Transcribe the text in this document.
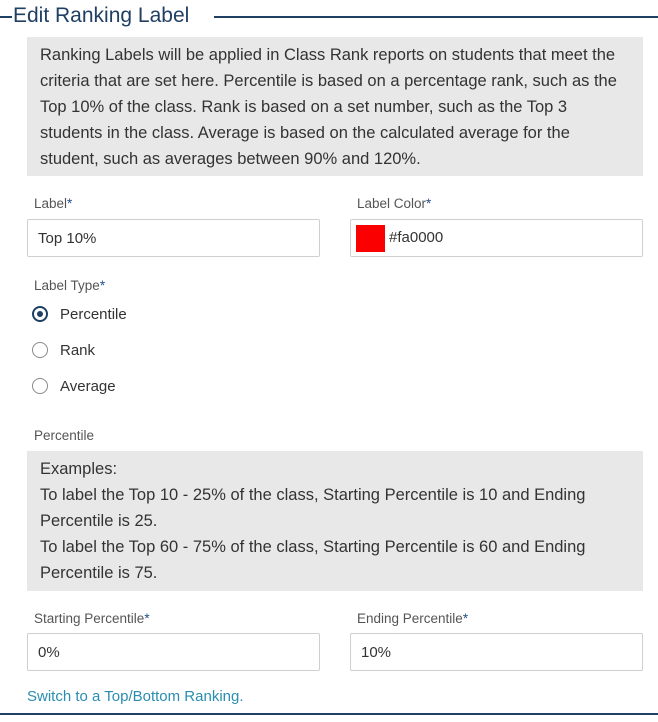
Edit Ranking Label
Ranking Labels will be applied in Class Rank reports on students that meet the criteria that are set here. Percentile is based on a percentage rank, such as the Top 10% of the class. Rank is based on a set number, such as the Top 3 students in the class. Average is based on the calculated average for the student, such as averages between 90% and 120%.
Label*
Top 10%	Label Color*
#fa0000
Label Type*
Percentile
Rank
Average
Percentile
Examples:
To label the Top 10 - 25% of the class, Starting Percentile is 10 and Ending Percentile is 25.
To label the Top 60 - 75% of the class, Starting Percentile is 60 and Ending Percentile is 75.
Starting Percentile*
0%	Ending Percentile*
10%
Switch to a Top/Bottom Ranking.
